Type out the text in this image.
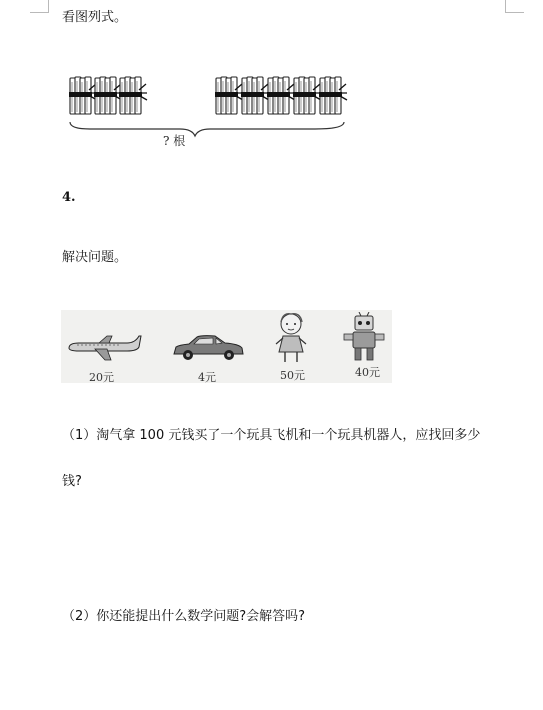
看图列式。
? 根
4.
解决问题。
20元	4元	50元	40元
（1）淘气拿 100 元钱买了一个玩具飞机和一个玩具机器人，应找回多少
钱?
（2）你还能提出什么数学问题?会解答吗?
